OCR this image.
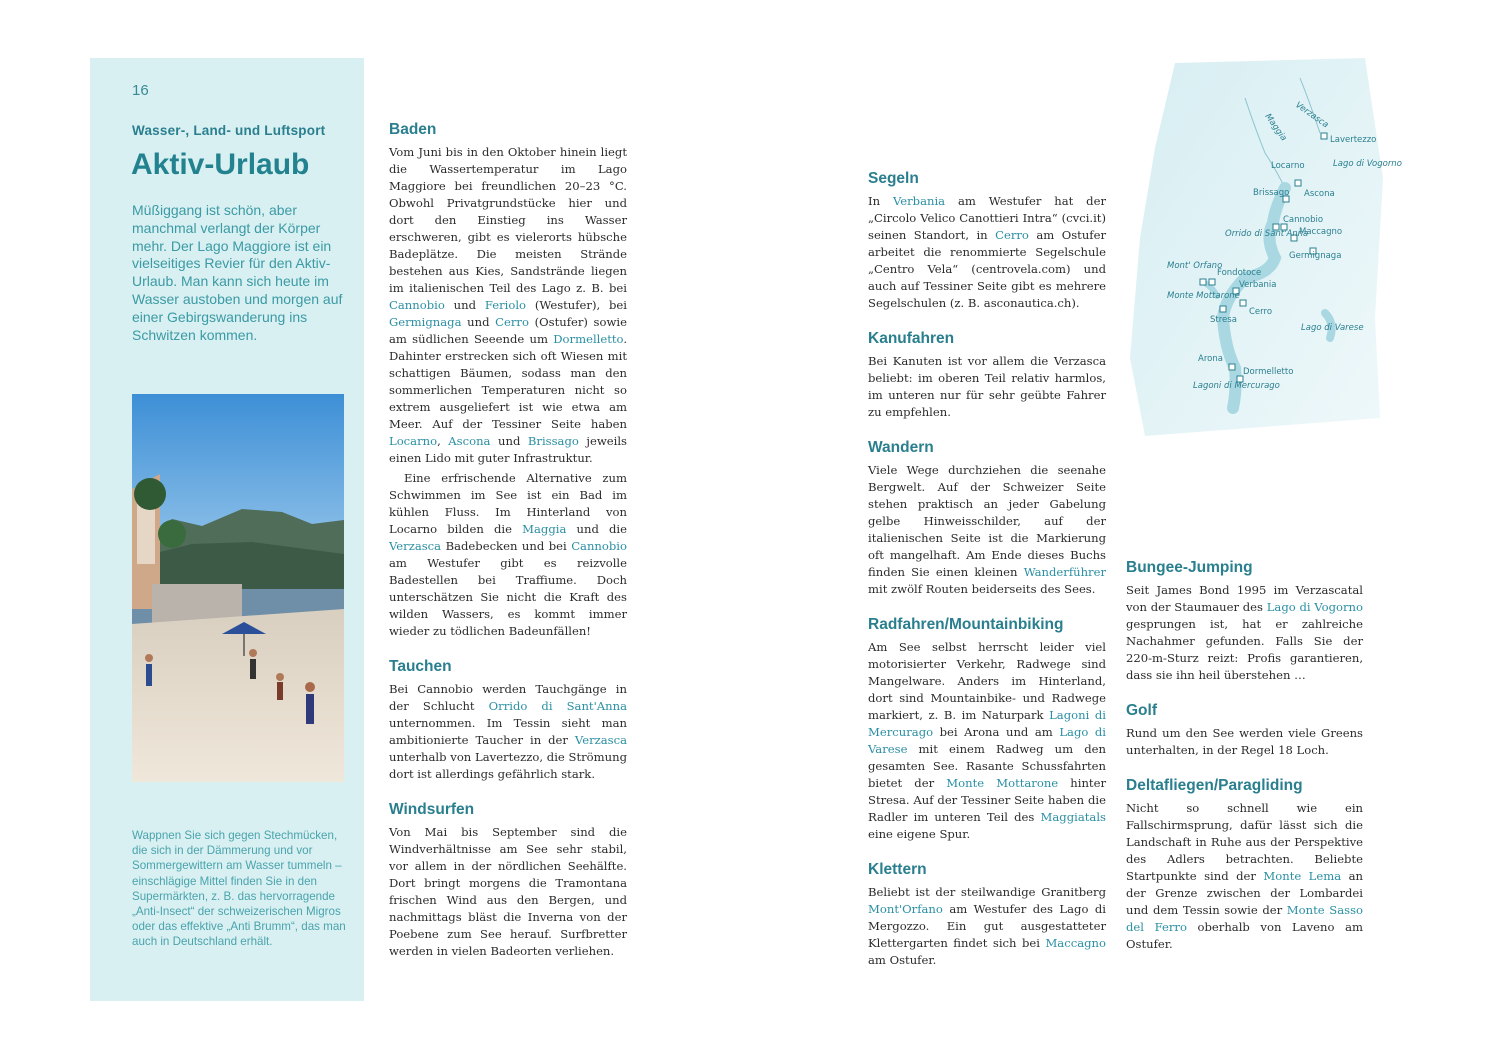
16
Wasser-, Land- und Luftsport
Aktiv-Urlaub
Müßiggang ist schön, aber manchmal verlangt der Körper mehr. Der Lago Maggiore ist ein vielseitiges Revier für den Aktiv-Urlaub. Man kann sich heute im Wasser austoben und morgen auf einer Gebirgswanderung ins Schwitzen kommen.
Wappnen Sie sich gegen Stechmücken, die sich in der Dämmerung und vor Sommergewittern am Wasser tummeln – einschlägige Mittel finden Sie in den Supermärkten, z. B. das hervorragende „Anti-Insect“ der schweizerischen Migros oder das effektive „Anti Brumm“, das man auch in Deutschland erhält.
Baden

Vom Juni bis in den Oktober hinein liegt die Wassertemperatur im Lago Maggiore bei freundlichen 20–23 °C. Obwohl Privatgrundstücke hier und dort den Einstieg ins Wasser erschweren, gibt es vielerorts hübsche Badeplätze. Die meisten Strände bestehen aus Kies, Sandstrände liegen im italienischen Teil des Lago z. B. bei Cannobio und Feriolo (Westufer), bei Germignaga und Cerro (Ostufer) sowie am südlichen Seeende um Dormelletto. Dahinter erstrecken sich oft Wiesen mit schattigen Bäumen, sodass man den sommerlichen Temperaturen nicht so extrem ausgeliefert ist wie etwa am Meer. Auf der Tessiner Seite haben Locarno, Ascona und Brissago jeweils einen Lido mit guter Infrastruktur.

Eine erfrischende Alternative zum Schwimmen im See ist ein Bad im kühlen Fluss. Im Hinterland von Locarno bilden die Maggia und die Verzasca Badebecken und bei Cannobio am Westufer gibt es reizvolle Badestellen bei Traffiume. Doch unterschätzen Sie nicht die Kraft des wilden Wassers, es kommt immer wieder zu tödlichen Badeunfällen!

Tauchen

Bei Cannobio werden Tauchgänge in der Schlucht Orrido di Sant'Anna unternommen. Im Tessin sieht man ambitionierte Taucher in der Verzasca unterhalb von Lavertezzo, die Strömung dort ist allerdings gefährlich stark.

Windsurfen

Von Mai bis September sind die Windverhältnisse am See sehr stabil, vor allem in der nördlichen Seehälfte. Dort bringt morgens die Tramontana frischen Wind aus den Bergen, und nachmittags bläst die Inverna von der Poebene zum See herauf. Surfbretter werden in vielen Badeorten verliehen.

Segeln

In Verbania am Westufer hat der „Circolo Velico Canottieri Intra“ (cvci.it) seinen Standort, in Cerro am Ostufer arbeitet die renommierte Segelschule „Centro Vela“ (centrovela.com) und auch auf Tessiner Seite gibt es mehrere Segelschulen (z. B. asconautica.ch).

Kanufahren

Bei Kanuten ist vor allem die Verzasca beliebt: im oberen Teil relativ harmlos, im unteren nur für sehr geübte Fahrer zu empfehlen.

Wandern

Viele Wege durchziehen die seenahe Bergwelt. Auf der Schweizer Seite stehen praktisch an jeder Gabelung gelbe Hinweisschilder, auf der italienischen Seite ist die Markierung oft mangelhaft. Am Ende dieses Buchs finden Sie einen kleinen Wanderführer mit zwölf Routen beiderseits des Sees.

Radfahren/Mountainbiking

Am See selbst herrscht leider viel motorisierter Verkehr, Radwege sind Mangelware. Anders im Hinterland, dort sind Mountainbike- und Radwege markiert, z. B. im Naturpark Lagoni di Mercurago bei Arona und am Lago di Varese mit einem Radweg um den gesamten See. Rasante Schussfahrten bietet der Monte Mottarone hinter Stresa. Auf der Tessiner Seite haben die Radler im unteren Teil des Maggiatals eine eigene Spur.

Klettern

Beliebt ist der steilwandige Granitberg Mont'Orfano am Westufer des Lago di Mergozzo. Ein gut ausgestatteter Klettergarten findet sich bei Maccagno am Ostufer.

Bungee-Jumping

Seit James Bond 1995 im Verzascatal von der Staumauer des Lago di Vogorno gesprungen ist, hat er zahlreiche Nachahmer gefunden. Falls Sie der 220-m-Sturz reizt: Profis garantieren, dass sie ihn heil überstehen …

Golf

Rund um den See werden viele Greens unterhalten, in der Regel 18 Loch.

Deltafliegen/Paragliding

Nicht so schnell wie ein Fallschirmsprung, dafür lässt sich die Landschaft in Ruhe aus der Perspektive des Adlers betrachten. Beliebte Startpunkte sind der Monte Lema an der Grenze zwischen der Lombardei und dem Tessin sowie der Monte Sasso del Ferro oberhalb von Laveno am Ostufer.

Verzasca
Maggia	Lavertezzo
Locarno	Lago di Vogorno
Brissago Ascona
Cannobio
Orrido di Sant'Anna
Maccagno
Germignaga
Mont' Orfano
Fondotoce
Verbania
Monte Mottarone
Cerro
Stresa
Lago di Varese
Arona
Dormelletto
Lagoni di Mercurago
